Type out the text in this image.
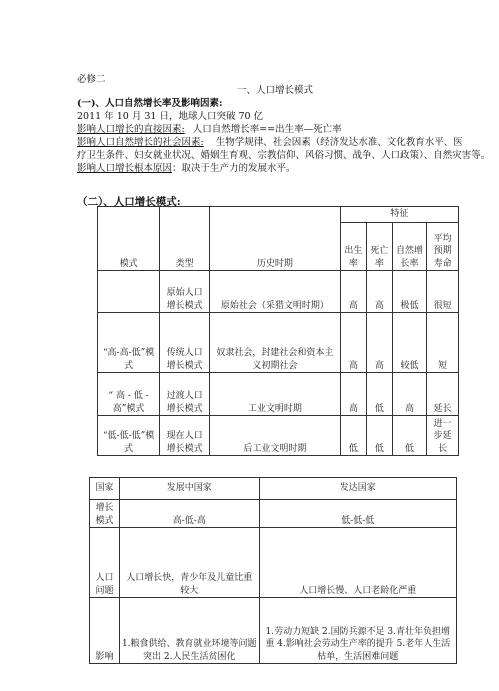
必修二
一、人口增长模式
(一)、人口自然增长率及影响因素:
2011 年 10 月 31 日，地球人口突破 70 亿
影响人口增长的直接因素: 人口自然增长率==出生率—死亡率
影响人口自然增长的社会因素: 生物学规律、社会因素（经济发达水准、文化教育水平、医
疗卫生条件、妇女就业状况、婚姻生育观、宗教信仰、风俗习惯、战争、人口政策）、自然灾害等。
影响人口增长根本原因：取决于生产力的发展水平。
（二）、人口增长模式:
模式	类型	历史时期	特征			
			出生率	死亡率	自然增长率	平均预期寿命
	原始人口增长模式	原始社会（采猎文明时期）	高	高	极低	很短
“高-高-低”模式	传统人口增长模式	奴隶社会，封建社会和资本主义初期社会	高	高	较低	短
“ 高 - 低 - 高”模式	过渡人口增长模式	工业文明时期	高	低	高	延长
“低-低-低”模式	现在人口增长模式	后工业文明时期	低	低	低	进一步延长
国家	发展中国家	发达国家
增长模式	高-低-高	低-低-低
人口问题	人口增长快，青少年及儿童比重较大	人口增长慢、人口老龄化严重
影响	1.粮食供给、教育就业环境等问题突出 2.人民生活贫困化	1.劳动力短缺 2.国防兵源不足 3.青壮年负担增重 4.影响社会劳动生产率的提升 5.老年人生活枯单，生活困难问题
